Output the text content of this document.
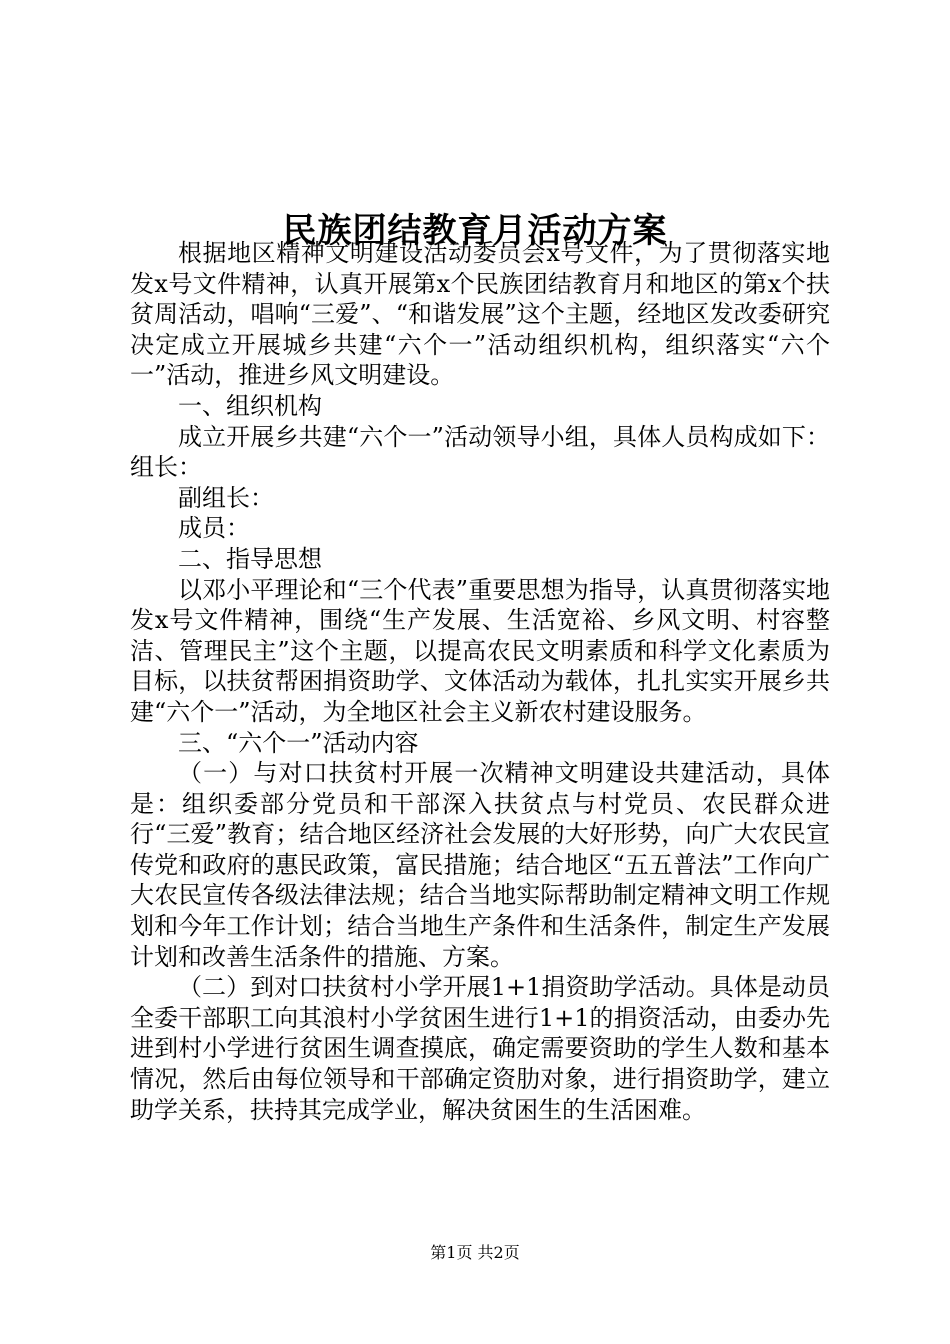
民族团结教育月活动方案

根据地区精神文明建设活动委员会x号文件，为了贯彻落实地发x号文件精神，认真开展第x个民族团结教育月和地区的第x个扶贫周活动，唱响“三爱”、“和谐发展”这个主题，经地区发改委研究决定成立开展城乡共建“六个一”活动组织机构，组织落实“六个一”活动，推进乡风文明建设。

一、组织机构

成立开展乡共建“六个一”活动领导小组，具体人员构成如下：组长：

副组长：

成员：

二、指导思想

以邓小平理论和“三个代表”重要思想为指导，认真贯彻落实地发x号文件精神，围绕“生产发展、生活宽裕、乡风文明、村容整洁、管理民主”这个主题，以提高农民文明素质和科学文化素质为目标，以扶贫帮困捐资助学、文体活动为载体，扎扎实实开展乡共建“六个一”活动，为全地区社会主义新农村建设服务。

三、“六个一”活动内容

（一）与对口扶贫村开展一次精神文明建设共建活动，具体是：组织委部分党员和干部深入扶贫点与村党员、农民群众进行“三爱”教育；结合地区经济社会发展的大好形势，向广大农民宣传党和政府的惠民政策，富民措施；结合地区“五五普法”工作向广大农民宣传各级法律法规；结合当地实际帮助制定精神文明工作规划和今年工作计划；结合当地生产条件和生活条件，制定生产发展计划和改善生活条件的措施、方案。

（二）到对口扶贫村小学开展1+1捐资助学活动。具体是动员全委干部职工向其浪村小学贫困生进行1+1的捐资活动，由委办先进到村小学进行贫困生调查摸底，确定需要资助的学生人数和基本情况，然后由每位领导和干部确定资肋对象，进行捐资助学，建立助学关系，扶持其完成学业，解决贫困生的生活困难。

第1页 共2页
